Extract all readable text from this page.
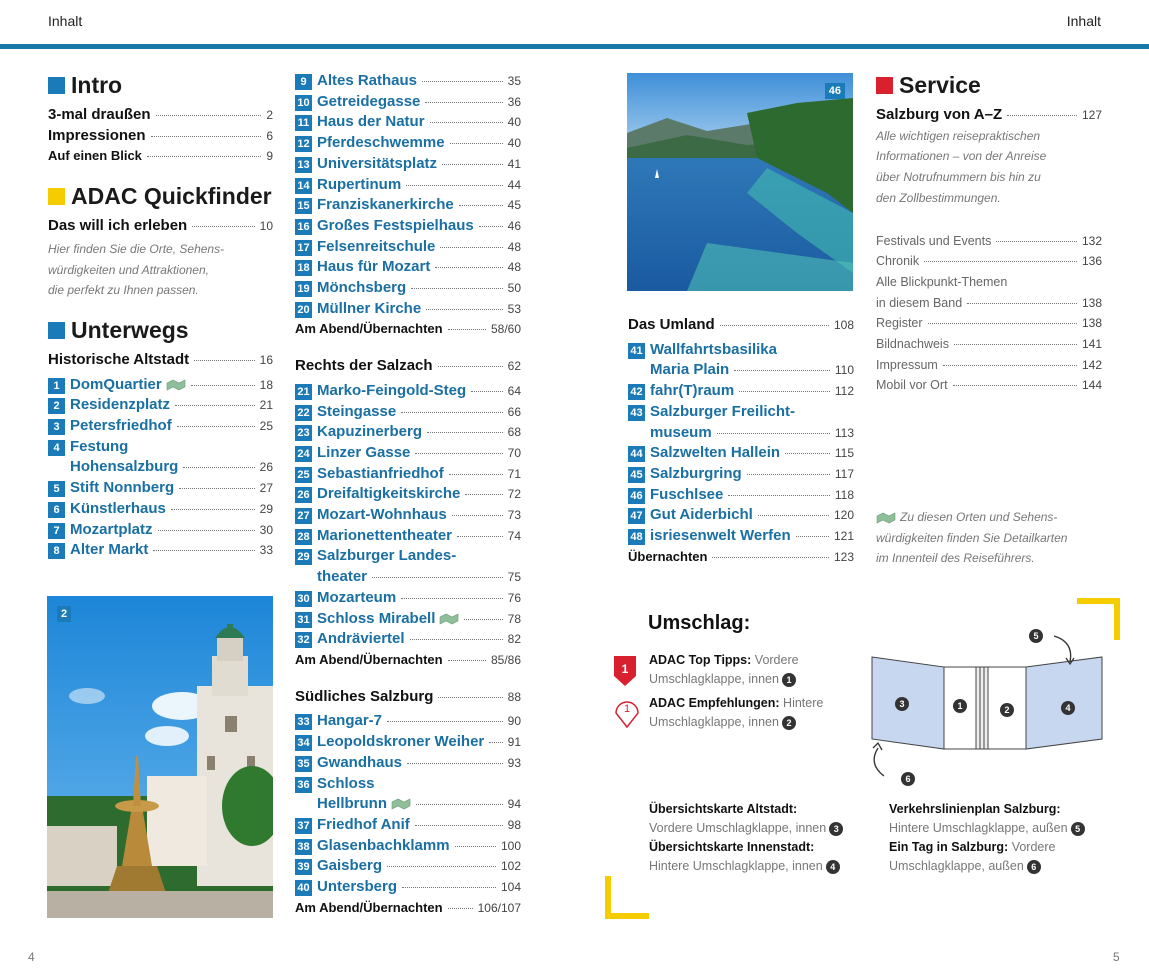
Inhalt	Inhalt
Intro
3-mal draußen	2
Impressionen	6
Auf einen Blick	9
ADAC Quickfinder
Das will ich erleben	10
Hier finden Sie die Orte, Sehens-
würdigkeiten und Attraktionen,
die perfekt zu Ihnen passen.
Unterwegs
Historische Altstadt	16
1 DomQuartier	18
2 Residenzplatz	21
3 Petersfriedhof	25
4 Festung
Hohensalzburg	26
5 Stift Nonnberg	27
6 Künstlerhaus	29
7 Mozartplatz	30
8 Alter Markt	33
2
9 Altes Rathaus	35
10 Getreidegasse	36
11 Haus der Natur	40
12 Pferdeschwemme	40
13 Universitätsplatz	41
14 Rupertinum	44
15 Franziskanerkirche	45
16 Großes Festspielhaus	46
17 Felsenreitschule	48
18 Haus für Mozart	48
19 Mönchsberg	50
20 Müllner Kirche	53
Am Abend/Übernachten	58/60
Rechts der Salzach	62
21 Marko-Feingold-Steg	64
22 Steingasse	66
23 Kapuzinerberg	68
24 Linzer Gasse	70
25 Sebastianfriedhof	71
26 Dreifaltigkeitskirche	72
27 Mozart-Wohnhaus	73
28 Marionettentheater	74
29 Salzburger Landes-
theater	75
30 Mozarteum	76
31 Schloss Mirabell	78
32 Andräviertel	82
Am Abend/Übernachten	85/86
Südliches Salzburg	88
33 Hangar-7	90
34 Leopoldskroner Weiher 91
35 Gwandhaus	93
36 Schloss
Hellbrunn	94
37 Friedhof Anif	98
38 Glasenbachklamm	100
39 Gaisberg	102
40 Untersberg	104
Am Abend/Übernachten	106/107
46
Das Umland	108
41 Wallfahrtsbasilika
Maria Plain	110
42 fahr(T)raum	112
43 Salzburger Freilicht-
museum	113
44 Salzwelten Hallein	115
45 Salzburgring	117
46 Fuschlsee	118
47 Gut Aiderbichl	120
48 isriesenwelt Werfen	121
Übernachten	123
Service
Salzburg von A–Z	127
Alle wichtigen reisepraktischen
Informationen – von der Anreise
über Notrufnummern bis hin zu
den Zollbestimmungen.
Festivals und Events	132
Chronik	136
Alle Blickpunkt-Themen
in diesem Band	138
Register	138
Bildnachweis	141
Impressum	142
Mobil vor Ort	144
Zu diesen Orten und Sehens-
würdigkeiten finden Sie Detailkarten
im Innenteil des Reiseführers.
Umschlag:
1
ADAC Top Tipps: Vordere
Umschlagklappe, innen 1
1 ADAC Empfehlungen: Hintere
Umschlagklappe, innen 2
3	1	2	4
5
6
Übersichtskarte Altstadt:
Vordere Umschlagklappe, innen 3
Übersichtskarte Innenstadt:
Hintere Umschlagklappe, innen 4
Verkehrslinienplan Salzburg:
Hintere Umschlagklappe, außen 5
Ein Tag in Salzburg: Vordere
Umschlagklappe, außen 6
4	5
